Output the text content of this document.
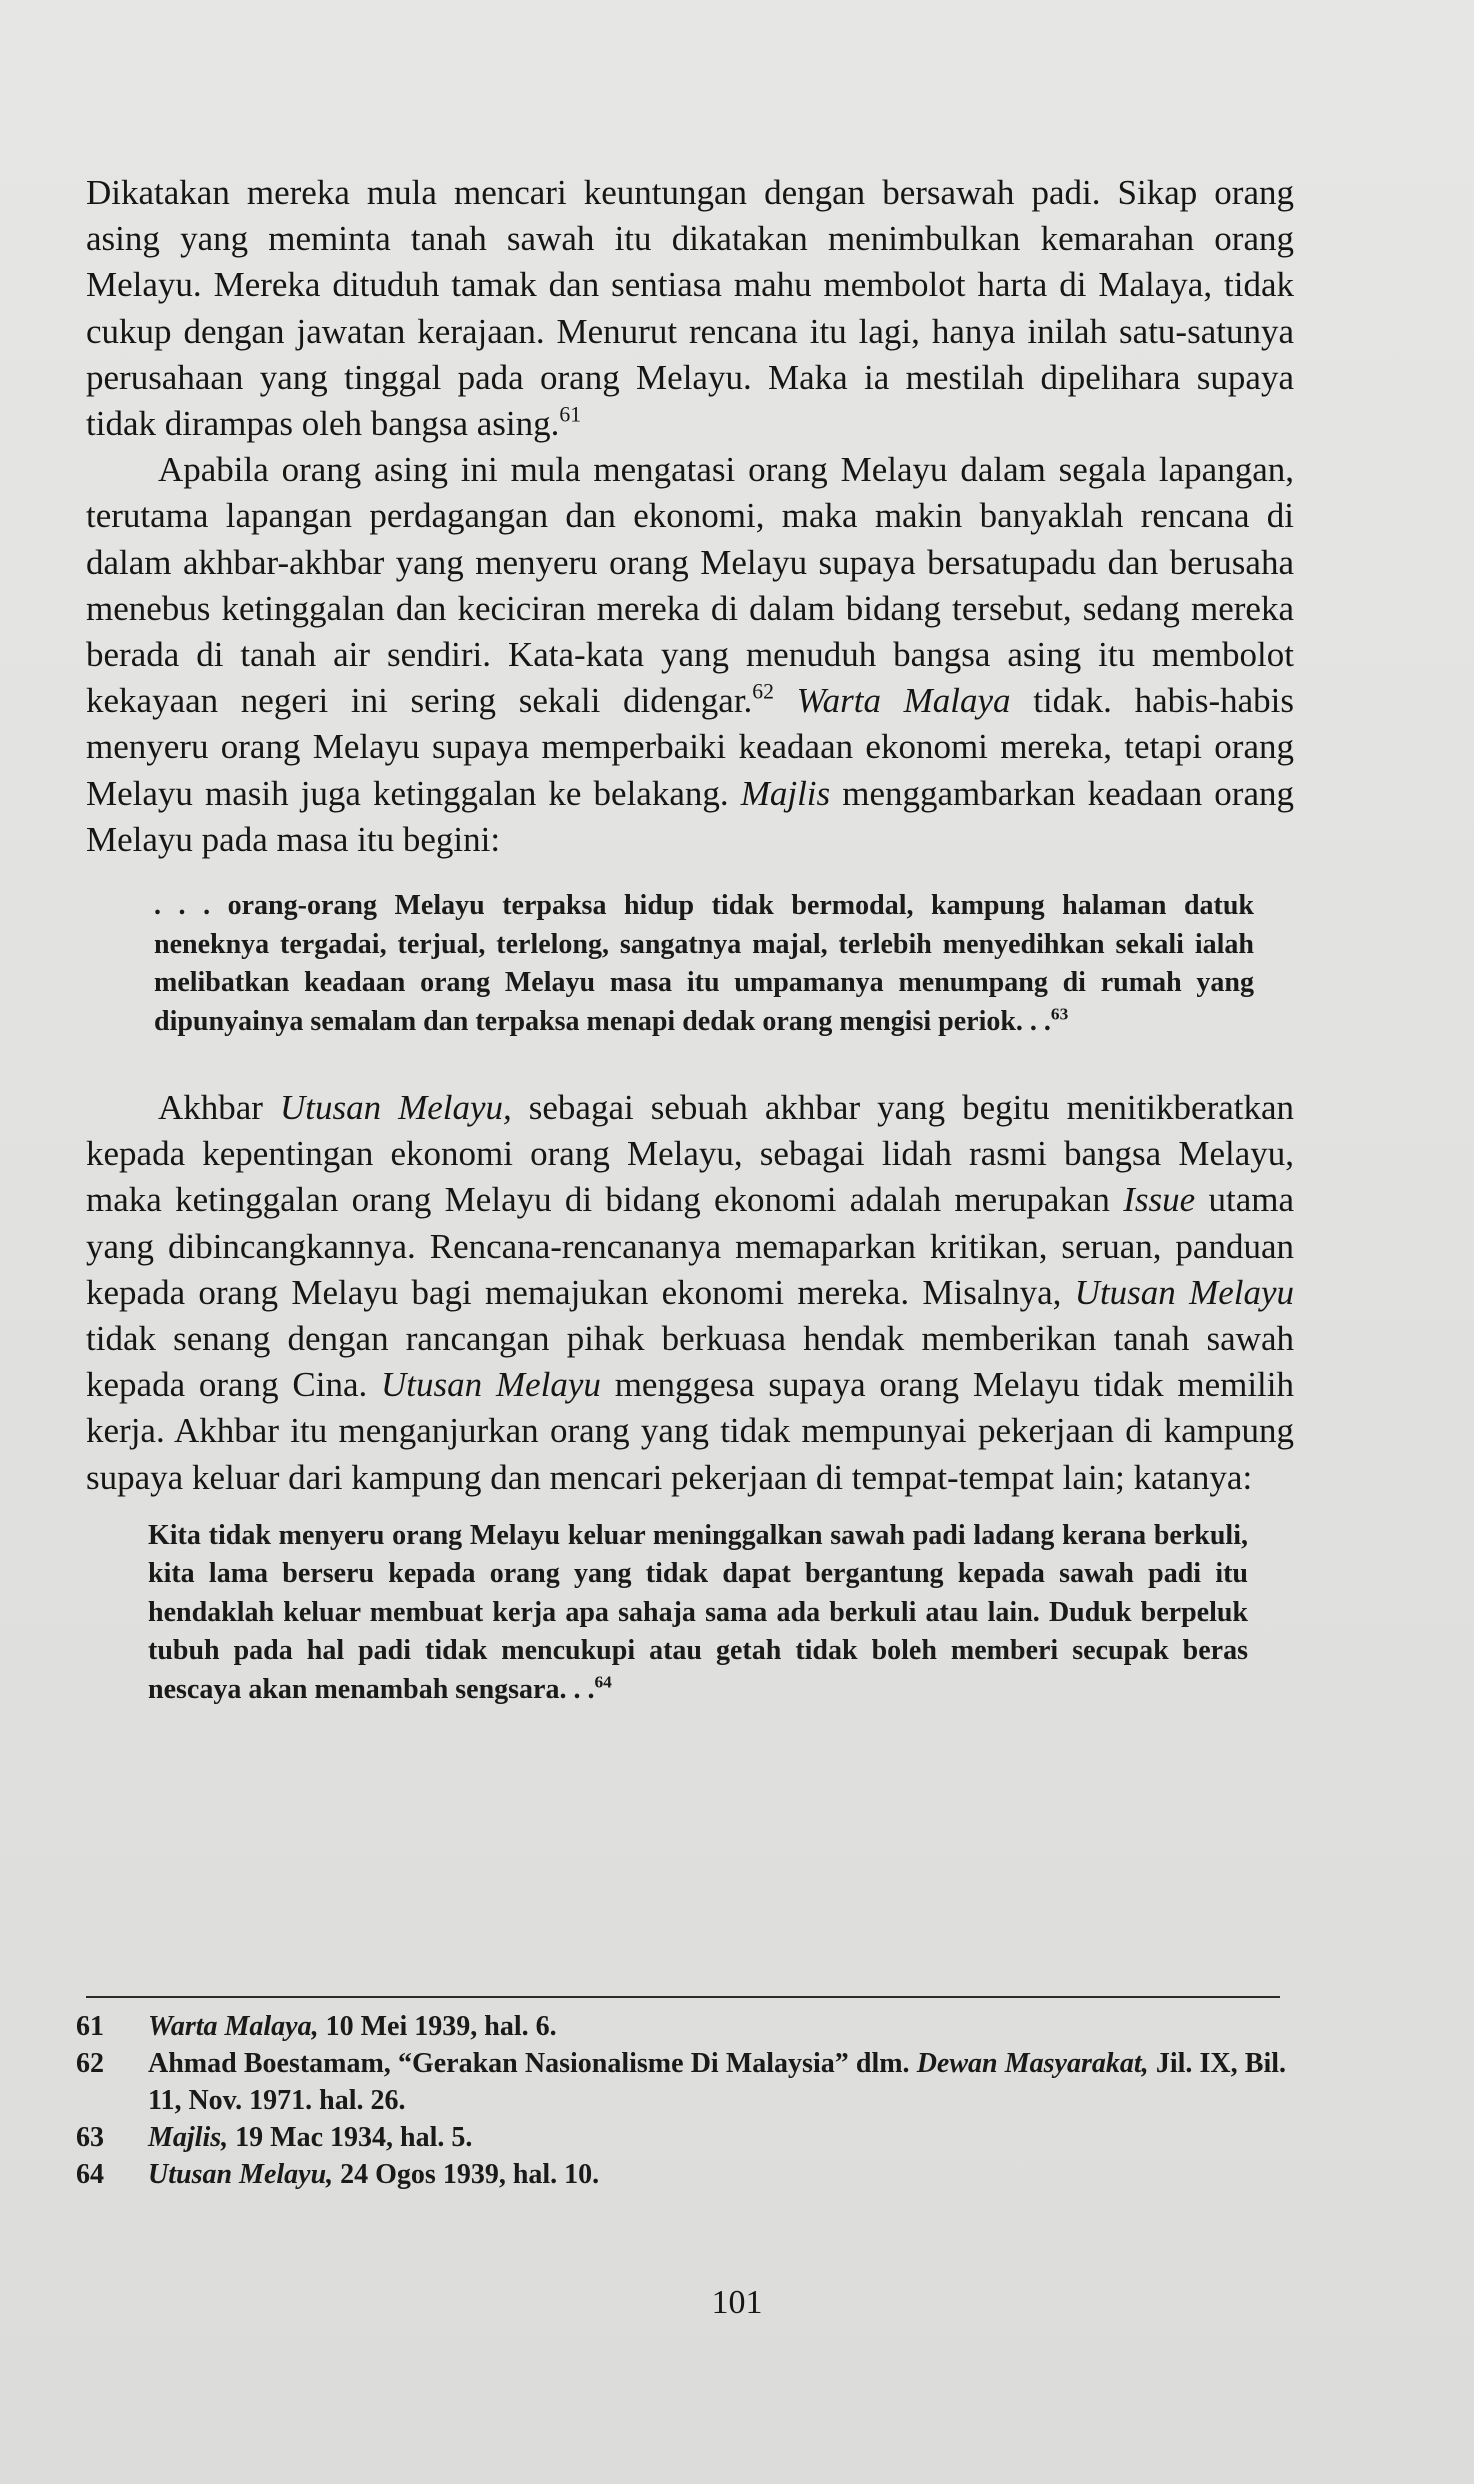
Dikatakan mereka mula mencari keuntungan dengan bersawah padi. Sikap orang asing yang meminta tanah sawah itu dikatakan menimbulkan kemarahan orang Melayu. Mereka dituduh tamak dan sentiasa mahu membolot harta di Malaya, tidak cukup dengan jawatan kerajaan. Menurut rencana itu lagi, hanya inilah satu-satunya perusahaan yang tinggal pada orang Melayu. Maka ia mestilah dipelihara supaya tidak dirampas oleh bangsa asing.$^{61}$

Apabila orang asing ini mula mengatasi orang Melayu dalam segala lapangan, terutama lapangan perdagangan dan ekonomi, maka makin banyaklah rencana di dalam akhbar-akhbar yang menyeru orang Melayu supaya bersatupadu dan berusaha menebus ketinggalan dan keciciran mereka di dalam bidang tersebut, sedang mereka berada di tanah air sendiri. Kata-kata yang menuduh bangsa asing itu membolot kekayaan negeri ini sering sekali didengar.$^{62}$ Warta Malaya tidak. habis-habis menyeru orang Melayu supaya memperbaiki keadaan ekonomi mereka, tetapi orang Melayu masih juga ketinggalan ke belakang. Majlis menggambarkan keadaan orang Melayu pada masa itu begini:

. . . orang-orang Melayu terpaksa hidup tidak bermodal, kampung halaman datuk neneknya tergadai, terjual, terlelong, sangatnya majal, terlebih menyedihkan sekali ialah melibatkan keadaan orang Melayu masa itu umpamanya menumpang di rumah yang dipunyainya semalam dan terpaksa menapi dedak orang mengisi periok. . .$^{63}$

Akhbar Utusan Melayu, sebagai sebuah akhbar yang begitu menitikberatkan kepada kepentingan ekonomi orang Melayu, sebagai lidah rasmi bangsa Melayu, maka ketinggalan orang Melayu di bidang ekonomi adalah merupakan Issue utama yang dibincangkannya. Rencana-rencananya memaparkan kritikan, seruan, panduan kepada orang Melayu bagi memajukan ekonomi mereka. Misalnya, Utusan Melayu tidak senang dengan rancangan pihak berkuasa hendak memberikan tanah sawah kepada orang Cina. Utusan Melayu menggesa supaya orang Melayu tidak memilih kerja. Akhbar itu menganjurkan orang yang tidak mempunyai pekerjaan di kampung supaya keluar dari kampung dan mencari pekerjaan di tempat-tempat lain; katanya:

Kita tidak menyeru orang Melayu keluar meninggalkan sawah padi ladang kerana berkuli, kita lama berseru kepada orang yang tidak dapat bergantung kepada sawah padi itu hendaklah keluar membuat kerja apa sahaja sama ada berkuli atau lain. Duduk berpeluk tubuh pada hal padi tidak mencukupi atau getah tidak boleh memberi secupak beras nescaya akan menambah sengsara. . .$^{64}$

61	Warta Malaya, 10 Mei 1939, hal. 6.
62	Ahmad Boestamam, “Gerakan Nasionalisme Di Malaysia” dlm. Dewan Masyarakat, Jil. IX, Bil. 11, Nov. 1971. hal. 26.
63	Majlis, 19 Mac 1934, hal. 5.
64	Utusan Melayu, 24 Ogos 1939, hal. 10.
101
